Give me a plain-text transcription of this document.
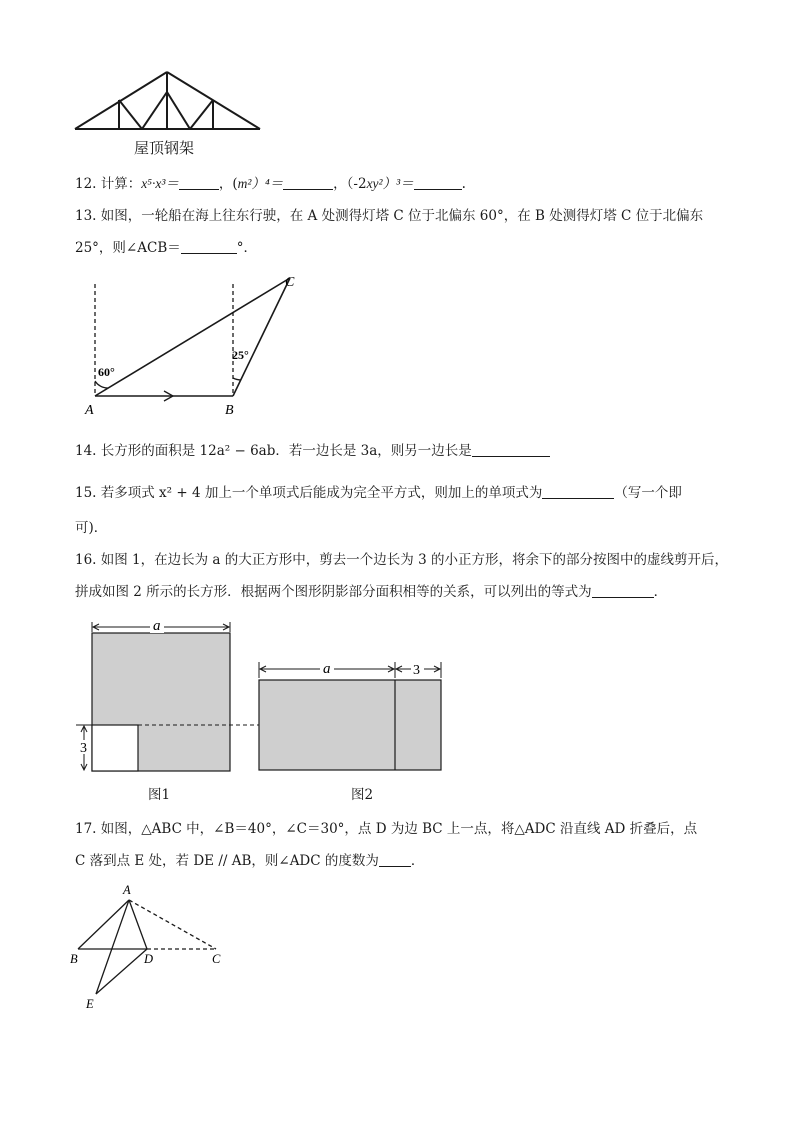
屋顶钢架
12. 计算：x⁵·x³＝	，(m²）⁴＝	，（-2xy²）³＝	.
13. 如图，一轮船在海上往东行驶，在 A 处测得灯塔 C 位于北偏东 60°，在 B 处测得灯塔 C 位于北偏东
25°，则∠ACB＝	°．
C
A	B
60°
25°
14. 长方形的面积是 12a² − 6ab．若一边长是 3a，则另一边长是
15. 若多项式 x² + 4 加上一个单项式后能成为完全平方式，则加上的单项式为	（写一个即
可)．
16. 如图 1，在边长为 a 的大正方形中，剪去一个边长为 3 的小正方形，将余下的部分按图中的虚线剪开后，
拼成如图 2 所示的长方形．根据两个图形阴影部分面积相等的关系，可以列出的等式为	．
a
3
图1
a	3
图2
17. 如图，△ABC 中，∠B＝40°，∠C＝30°，点 D 为边 BC 上一点，将△ADC 沿直线 AD 折叠后，点
C 落到点 E 处，若 DE // AB，则∠ADC 的度数为 ．
A
B	D	C
E
